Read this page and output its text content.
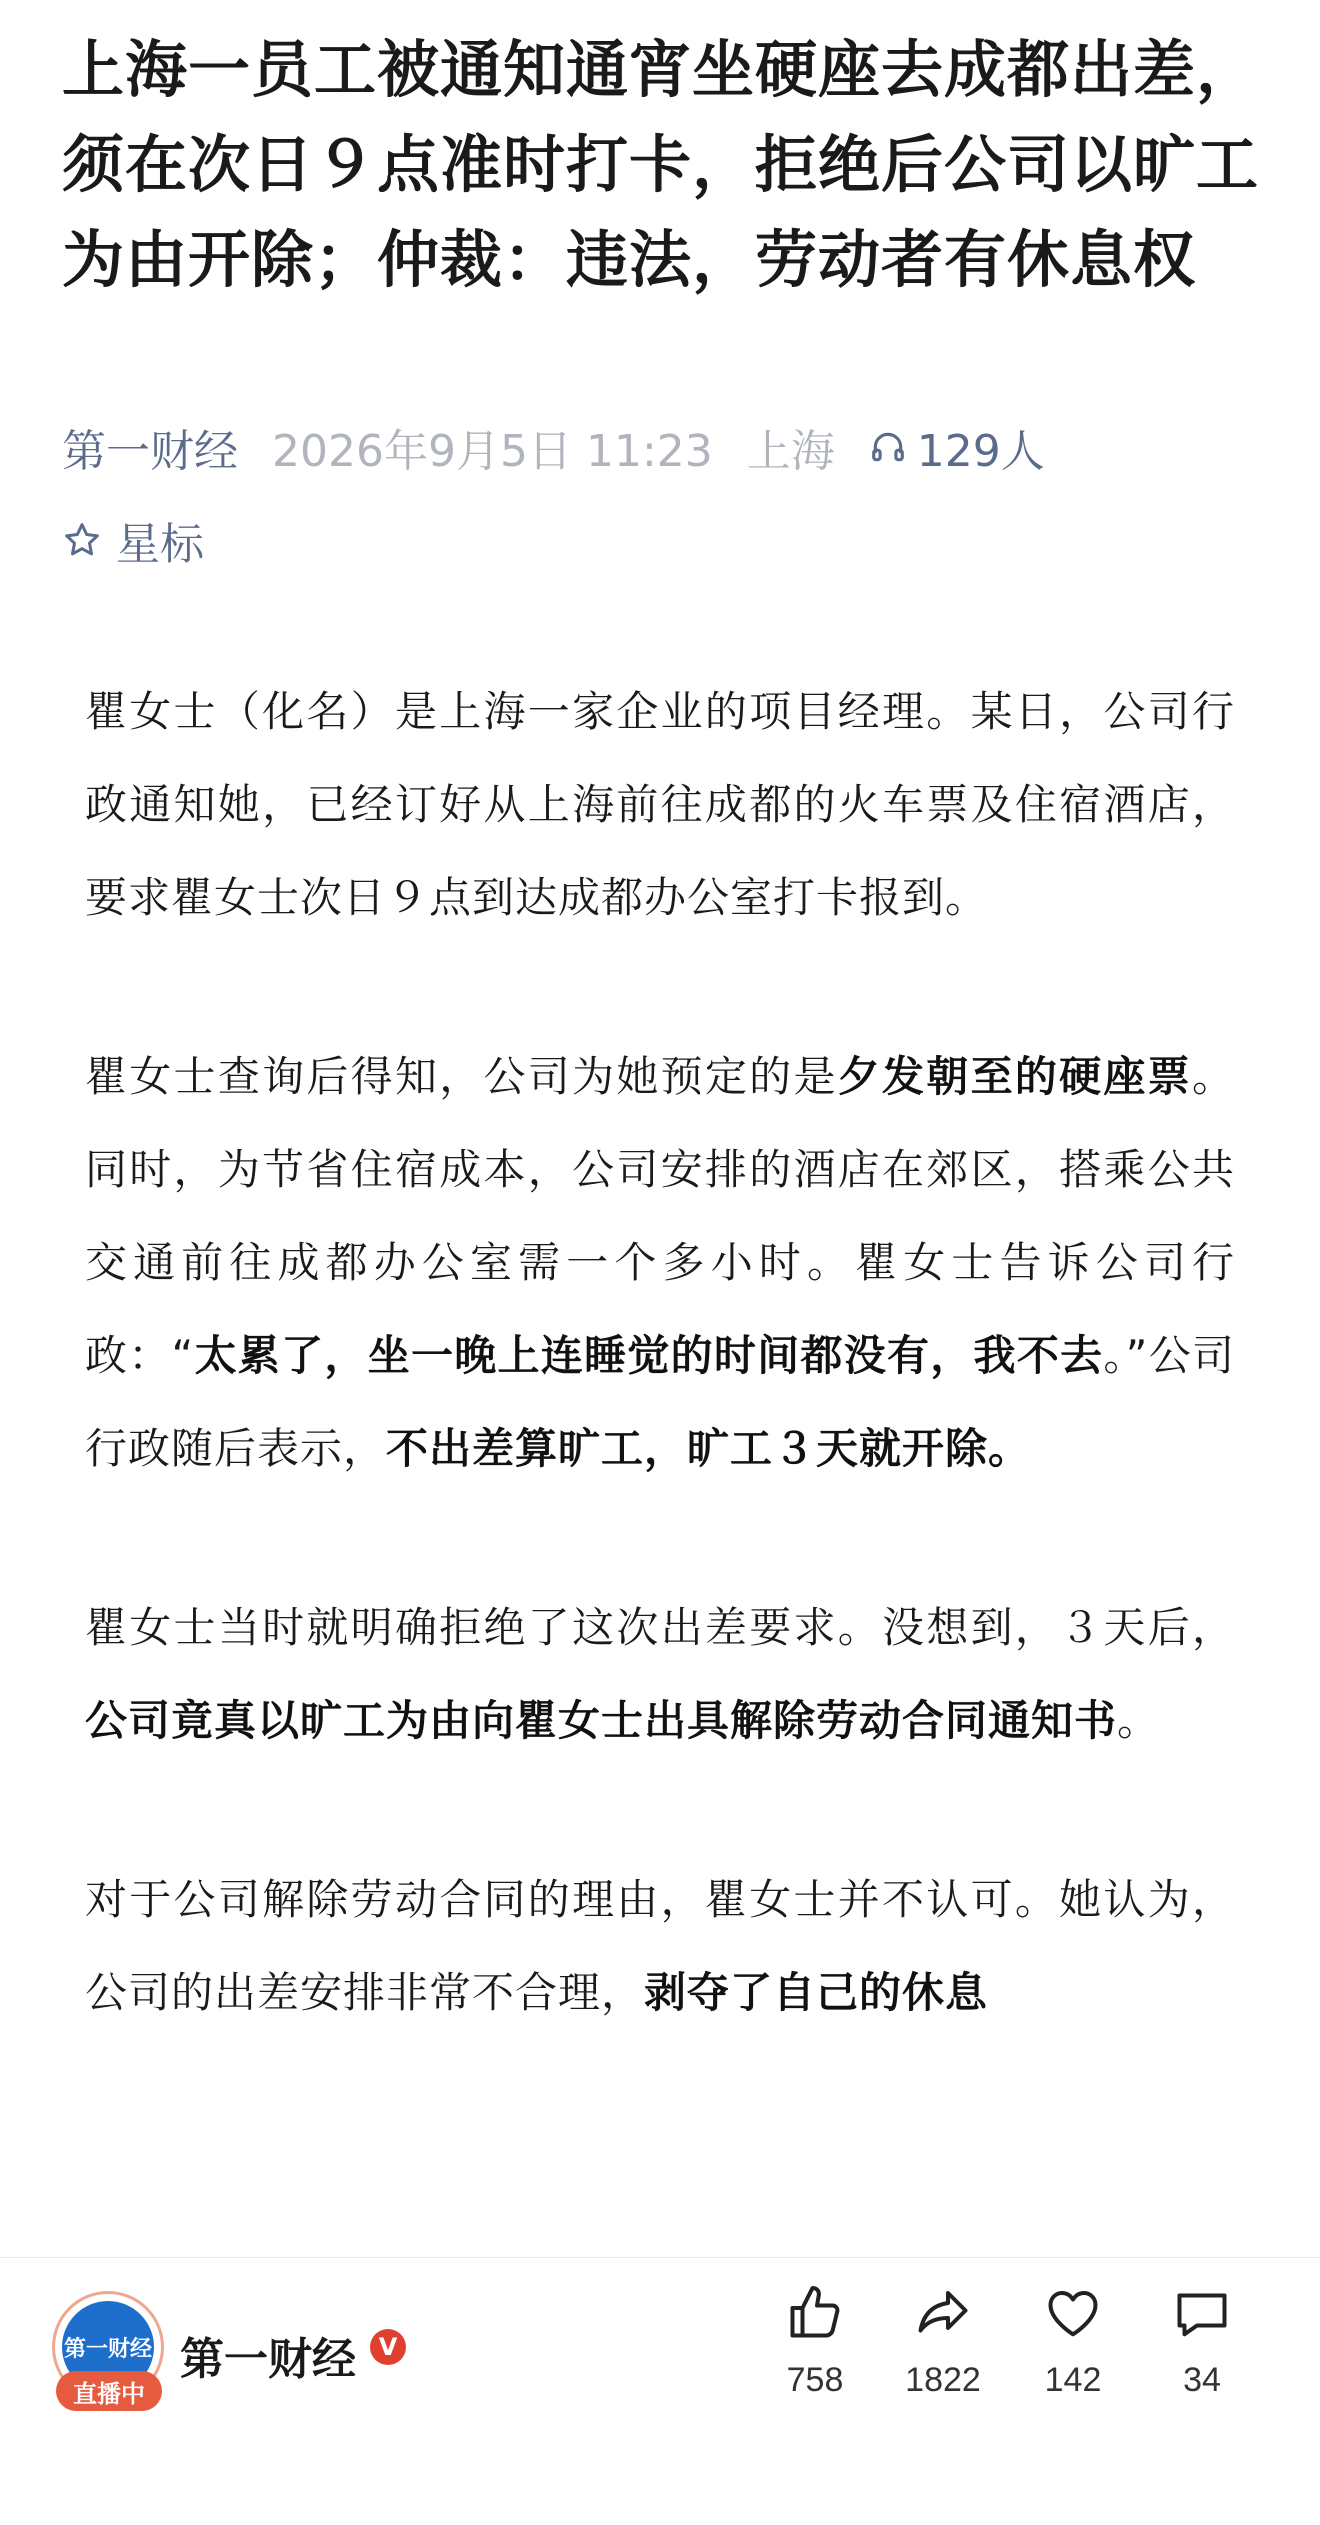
上海一员工被通知通宵坐硬座去成都出差，须在次日９点准时打卡，拒绝后公司以旷工为由开除；仲裁：违法，劳动者有休息权
第一财经 2026年9月5日 11:23 上海 129人
星标

瞿女士（化名）是上海一家企业的项目经理。某日，公司行政通知她，已经订好从上海前往成都的火车票及住宿酒店，要求瞿女士次日９点到达成都办公室打卡报到。

瞿女士查询后得知，公司为她预定的是夕发朝至的硬座票。同时，为节省住宿成本，公司安排的酒店在郊区，搭乘公共交通前往成都办公室需一个多小时。瞿女士告诉公司行政：“太累了，坐一晚上连睡觉的时间都没有，我不去。”公司行政随后表示，不出差算旷工，旷工３天就开除。

瞿女士当时就明确拒绝了这次出差要求。没想到，３天后，公司竟真以旷工为由向瞿女士出具解除劳动合同通知书。

对于公司解除劳动合同的理由，瞿女士并不认可。她认为，公司的出差安排非常不合理，剥夺了自己的休息

第一财经
直播中
第一财经 V
758	1822	142	34
